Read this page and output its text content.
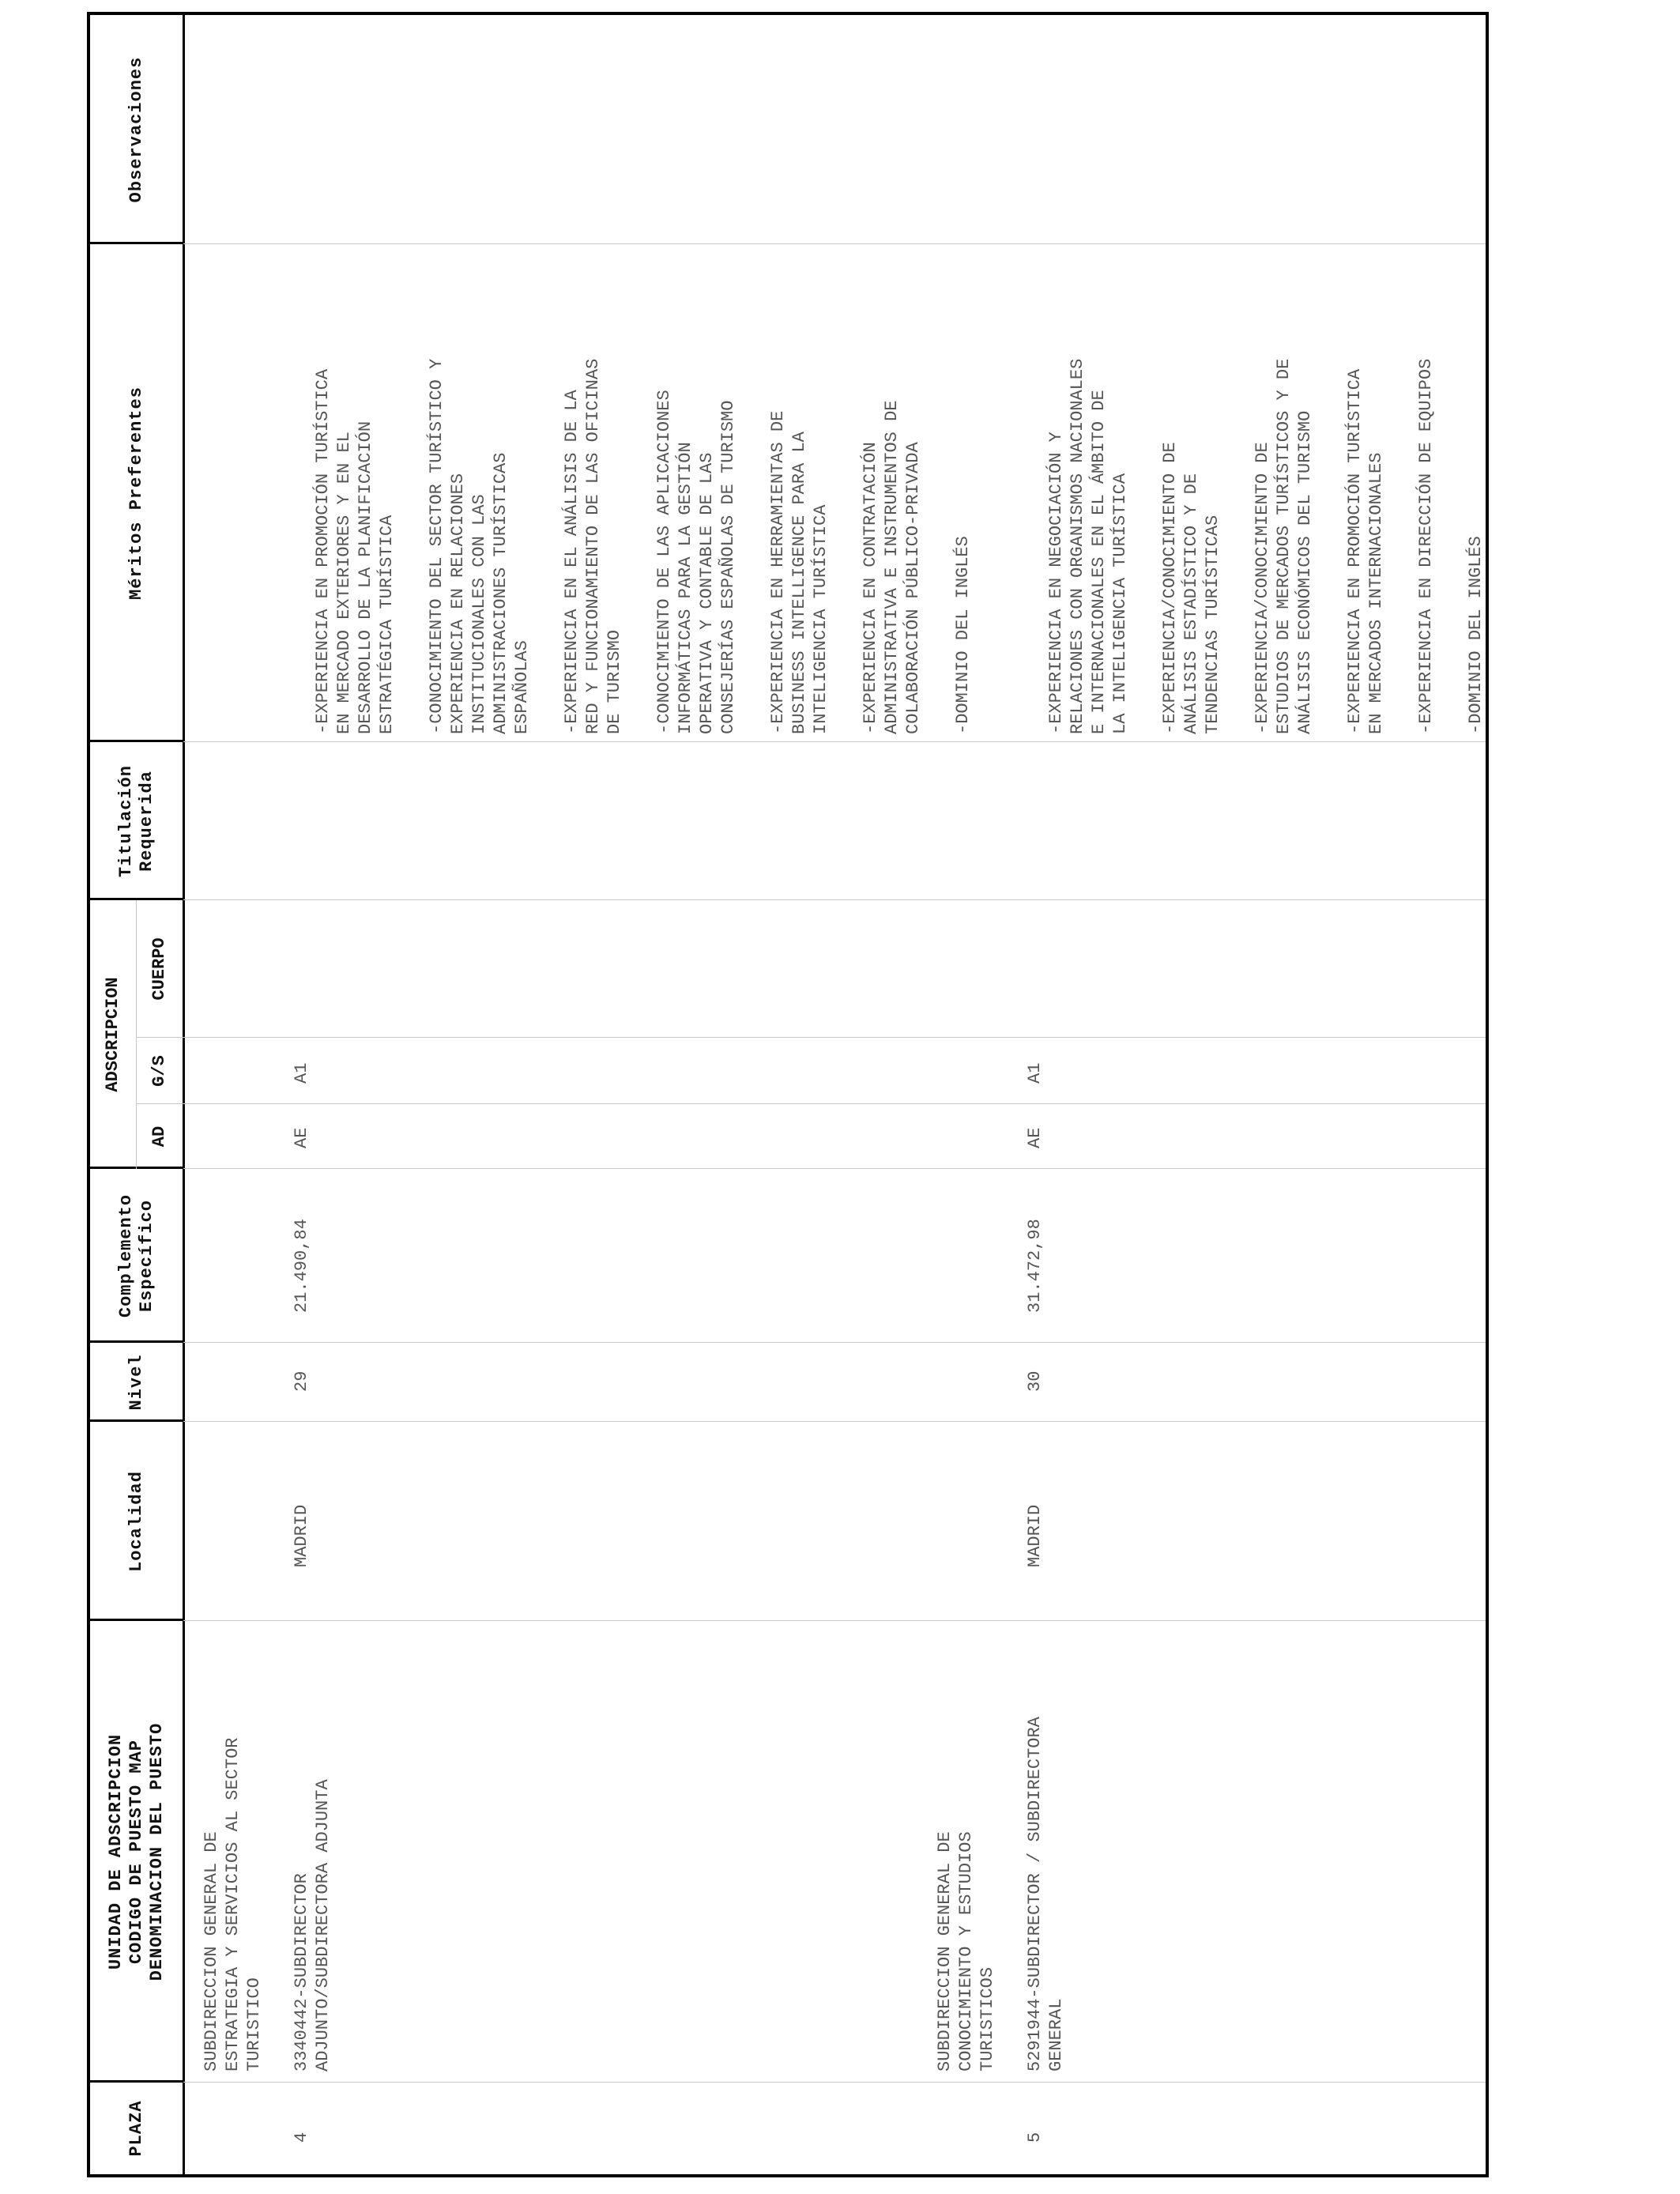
PLAZA
UNIDAD DE ADSCRIPCION
CODIGO DE PUESTO MAP
DENOMINACION DEL PUESTO
Localidad
Nivel
Complemento
Específico
ADSCRIPCION
AD
G/S
CUERPO
Titulación
Requerida
Méritos Preferentes
Observaciones
SUBDIRECCION GENERAL DE
ESTRATEGIA Y SERVICIOS AL SECTOR
TURISTICO
4
3340442-SUBDIRECTOR
ADJUNTO/SUBDIRECTORA ADJUNTA
MADRID
29
21.490,84
AE
A1

-EXPERIENCIA EN PROMOCIÓN TURÍSTICA
EN MERCADO EXTERIORES Y EN EL
DESARROLLO DE LA PLANIFICACIÓN
ESTRATÉGICA TURÍSTICA

-CONOCIMIENTO DEL SECTOR TURÍSTICO Y
EXPERIENCIA EN RELACIONES
INSTITUCIONALES CON LAS
ADMINISTRACIONES TURÍSTICAS
ESPAÑOLAS -EXPERIENCIA EN EL ANÁLISIS DE LA
RED Y FUNCIONAMIENTO DE LAS OFICINAS
DE TURISMO -CONOCIMIENTO DE LAS APLICACIONES
INFORMÁTICAS PARA LA GESTIÓN
OPERATIVA Y CONTABLE DE LAS
CONSEJERÍAS ESPAÑOLAS DE TURISMO

-EXPERIENCIA EN HERRAMIENTAS DE
BUSINESS INTELLIGENCE PARA LA
INTELIGENCIA TURÍSTICA

-EXPERIENCIA EN CONTRATACIÓN
ADMINISTRATIVA E INSTRUMENTOS DE
COLABORACIÓN PÚBLICO-PRIVADA

-DOMINIO DEL INGLÉS

SUBDIRECCION GENERAL DE
CONOCIMIENTO Y ESTUDIOS
TURISTICOS
5
5291944-SUBDIRECTOR / SUBDIRECTORA
GENERAL
MADRID
30
31.472,98
AE
A1

-EXPERIENCIA EN NEGOCIACIÓN Y
RELACIONES CON ORGANISMOS NACIONALES
E INTERNACIONALES EN EL ÁMBITO DE
LA INTELIGENCIA TURÍSTICA -EXPERIENCIA/CONOCIMIENTO DE
ANÁLISIS ESTADÍSTICO Y DE
TENDENCIAS TURÍSTICAS -EXPERIENCIA/CONOCIMIENTO DE
ESTUDIOS DE MERCADOS TURÍSTICOS Y DE
ANÁLISIS ECONÓMICOS DEL TURISMO

-EXPERIENCIA EN PROMOCIÓN TURÍSTICA
EN MERCADOS INTERNACIONALES -EXPERIENCIA EN DIRECCIÓN DE EQUIPOS -DOMINIO DEL INGLÉS
